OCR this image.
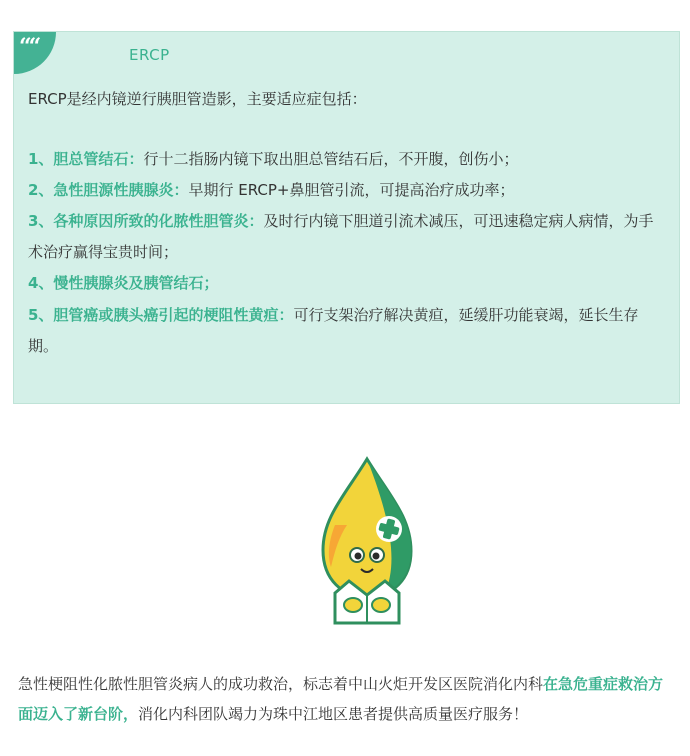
““	ERCP
ERCP是经内镜逆行胰胆管造影，主要适应症包括：
1、胆总管结石：行十二指肠内镜下取出胆总管结石后，不开腹，创伤小；
2、急性胆源性胰腺炎：早期行 ERCP+鼻胆管引流，可提高治疗成功率；
3、各种原因所致的化脓性胆管炎：及时行内镜下胆道引流术减压，可迅速稳定病人病情，为手术治疗赢得宝贵时间；
4、慢性胰腺炎及胰管结石；
5、胆管癌或胰头癌引起的梗阻性黄疸：可行支架治疗解决黄疸，延缓肝功能衰竭，延长生存期。
急性梗阻性化脓性胆管炎病人的成功救治，标志着中山火炬开发区医院消化内科在急危重症救治方面迈入了新台阶，消化内科团队竭力为珠中江地区患者提供高质量医疗服务！
